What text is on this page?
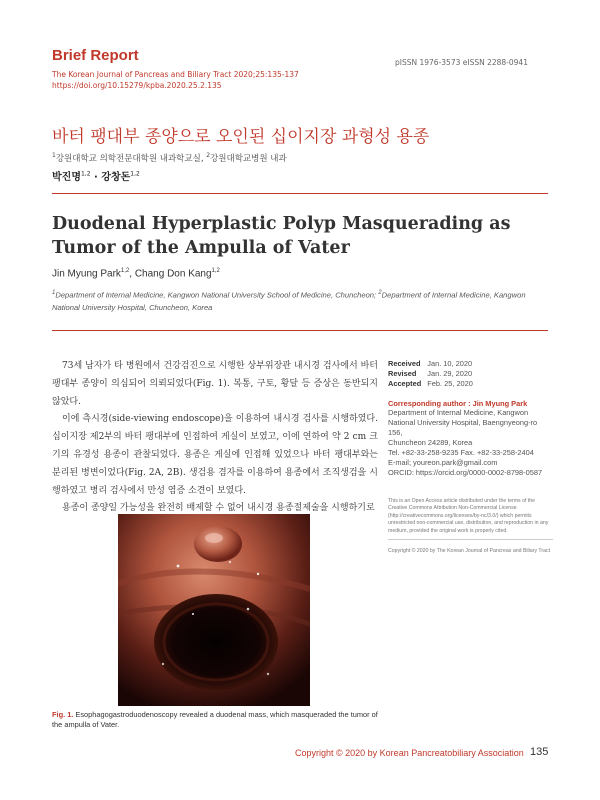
Brief Report
The Korean Journal of Pancreas and Biliary Tract 2020;25:135-137
https://doi.org/10.15279/kpba.2020.25.2.135
pISSN 1976-3573 eISSN 2288-0941
바터 팽대부 종양으로 오인된 십이지장 과형성 용종
$^1$강원대학교 의학전문대학원 내과학교실, $^2$강원대학교병원 내과
박진명$^{1,2}$ · 강창돈$^{1,2}$
Duodenal Hyperplastic Polyp Masquerading as Tumor of the Ampulla of Vater
Jin Myung Park$^{1,2}$, Chang Don Kang$^{1,2}$
$^1$Department of Internal Medicine, Kangwon National University School of Medicine, Chuncheon; $^2$Department of Internal Medicine, Kangwon National University Hospital, Chuncheon, Korea

73세 남자가 타 병원에서 건강검진으로 시행한 상부위장관 내시경 검사에서 바터 팽대부 종양이 의심되어 의뢰되었다(Fig. 1). 복통, 구토, 황달 등 증상은 동반되지 않았다.

이에 측시경(side-viewing endoscope)을 이용하여 내시경 검사를 시행하였다. 십이지장 제2부의 바터 팽대부에 인접하여 게실이 보였고, 이에 연하여 약 2 cm 크기의 유경성 용종이 관찰되었다. 용종은 게실에 인접해 있었으나 바터 팽대부와는 분리된 병변이었다(Fig. 2A, 2B). 생검용 겸자를 이용하여 용종에서 조직생검을 시행하였고 병리 검사에서 만성 염증 소견이 보였다.

용종이 종양일 가능성을 완전히 배제할 수 없어 내시경 용종절제술을 시행하기로

Received	Jan. 10, 2020
Revised	Jan. 29, 2020
Accepted	Feb. 25, 2020
Corresponding author : Jin Myung Park
Department of Internal Medicine, Kangwon
National University Hospital, Baengnyeong-ro 156,
Chuncheon 24289, Korea
Tel. +82-33-258-9235 Fax. +82-33-258-2404
E-mail; youreon.park@gmail.com
ORCID: https://orcid.org/0000-0002-8798-0587
This is an Open Access article distributed under the terms of the Creative Commons Attribution Non-Commercial License (http://creativecommons.org/licenses/by-nc/3.0/) which permits unrestricted non-commercial use, distribution, and reproduction in any medium, provided the original work is properly cited.
Copyright © 2020 by The Korean Journal of Pancreas and Biliary Tract
Fig. 1. Esophagogastroduodenoscopy revealed a duodenal mass, which masqueraded the tumor of the ampulla of Vater.
Copyright © 2020 by Korean Pancreatobiliary Association 135
